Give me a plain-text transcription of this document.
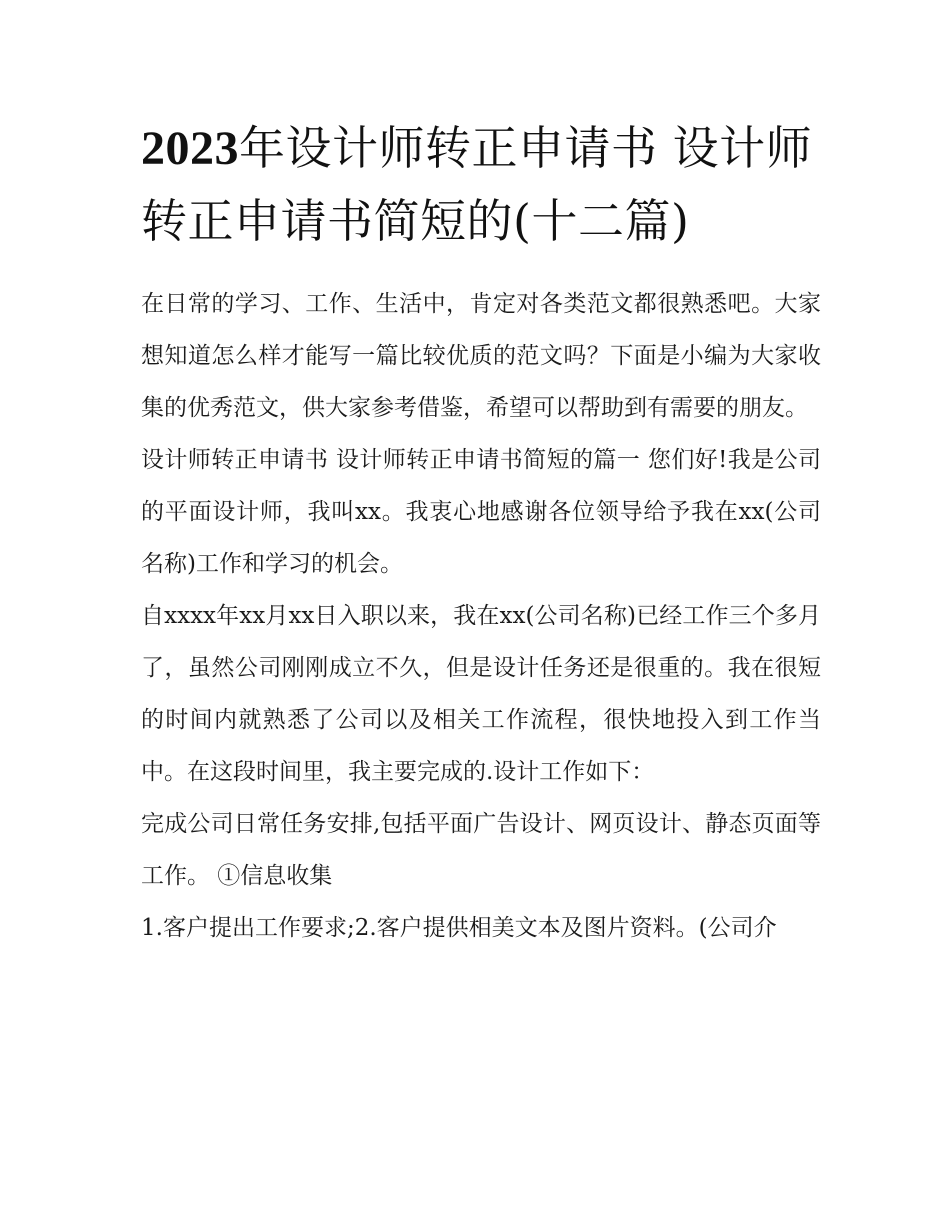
2023年设计师转正申请书 设计师转正申请书简短的(十二篇)

在日常的学习、工作、生活中，肯定对各类范文都很熟悉吧。大家想知道怎么样才能写一篇比较优质的范文吗？下面是小编为大家收集的优秀范文，供大家参考借鉴，希望可以帮助到有需要的朋友。

设计师转正申请书 设计师转正申请书简短的篇一 您们好!我是公司的平面设计师，我叫xx。我衷心地感谢各位领导给予我在xx(公司名称)工作和学习的机会。

自xxxx年xx月xx日入职以来，我在xx(公司名称)已经工作三个多月了，虽然公司刚刚成立不久，但是设计任务还是很重的。我在很短的时间内就熟悉了公司以及相关工作流程，很快地投入到工作当中。在这段时间里，我主要完成的.设计工作如下：

完成公司日常任务安排,包括平面广告设计、网页设计、静态页面等工作。 ①信息收集

1.客户提出工作要求;2.客户提供相美文本及图片资料。(公司介
